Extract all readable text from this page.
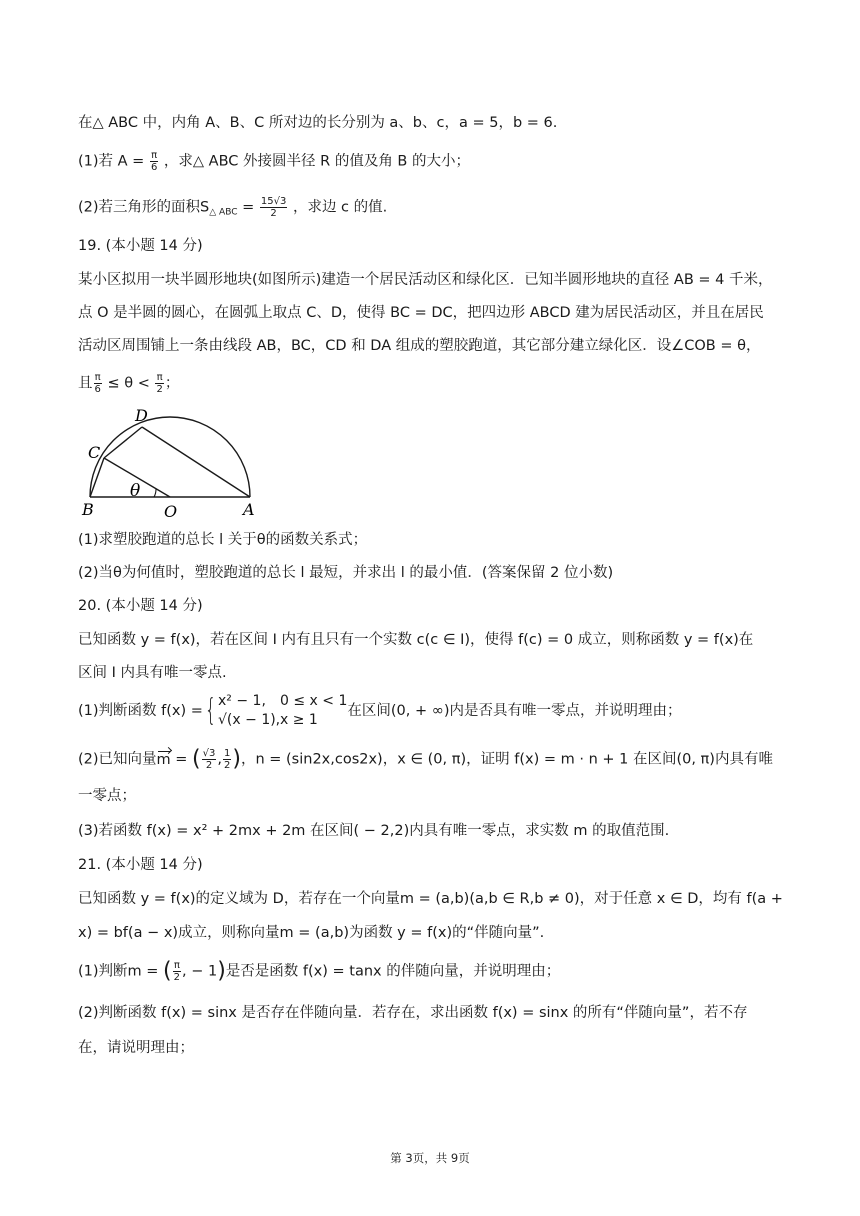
在△ ABC 中，内角 A、B、C 所对边的长分别为 a、b、c，a = 5，b = 6.
(1)若 $A = \frac{\pi}{6}$ ，求△ ABC 外接圆半径 R 的值及角 B 的大小；
(2)若三角形的面积$S_{\triangle ABC} = \frac{15√3}{2}$ ，求边 c 的值.
19. (本小题 14 分)
某小区拟用一块半圆形地块(如图所示)建造一个居民活动区和绿化区．已知半圆形地块的直径 AB = 4 千米，
点 O 是半圆的圆心，在圆弧上取点 C、D，使得 BC = DC，把四边形 ABCD 建为居民活动区，并且在居民
活动区周围铺上一条由线段 AB，BC，CD 和 DA 组成的塑胶跑道，其它部分建立绿化区．设∠COB = θ，
且 $\frac{\pi}{6} \le \theta < \frac{\pi}{2}$ ；
D
C
θ
B	O	A
(1)求塑胶跑道的总长 l 关于θ的函数关系式；
(2)当θ为何值时，塑胶跑道的总长 l 最短，并求出 l 的最小值．(答案保留 2 位小数)
20. (本小题 14 分)
已知函数 y = f(x)，若在区间 I 内有且只有一个实数 c(c ∈ I)，使得 f(c) = 0 成立，则称函数 y = f(x)在
区间 I 内具有唯一零点.
(1)判断函数 f(x) ={ x² − 1, 0 ≤ x < 1
√(x − 1),x ≥ 1
在区间(0, + ∞)内是否具有唯一零点，并说明理由；
(2)已知向量m = ( $\frac{√3}{2}$ , $\frac{1}{2}$ )，n = (sin2x,cos2x)，x ∈ (0, π)，证明 f(x) = m · n + 1 在区间(0, π)内具有唯
一零点；
(3)若函数 f(x) = x² + 2mx + 2m 在区间( − 2,2)内具有唯一零点，求实数 m 的取值范围.
21. (本小题 14 分)
已知函数 y = f(x)的定义域为 D，若存在一个向量m = (a,b)(a,b ∈ R,b ≠ 0)，对于任意 x ∈ D，均有 f(a +
x) = bf(a − x)成立，则称向量m = (a,b)为函数 y = f(x)的“伴随向量”.
(1)判断m = ( $\frac{\pi}{2}$ , − 1)是否是函数 f(x) = tanx 的伴随向量，并说明理由；
(2)判断函数 f(x) = sinx 是否存在伴随向量．若存在，求出函数 f(x) = sinx 的所有“伴随向量”，若不存
在，请说明理由；
第 3页，共 9页
